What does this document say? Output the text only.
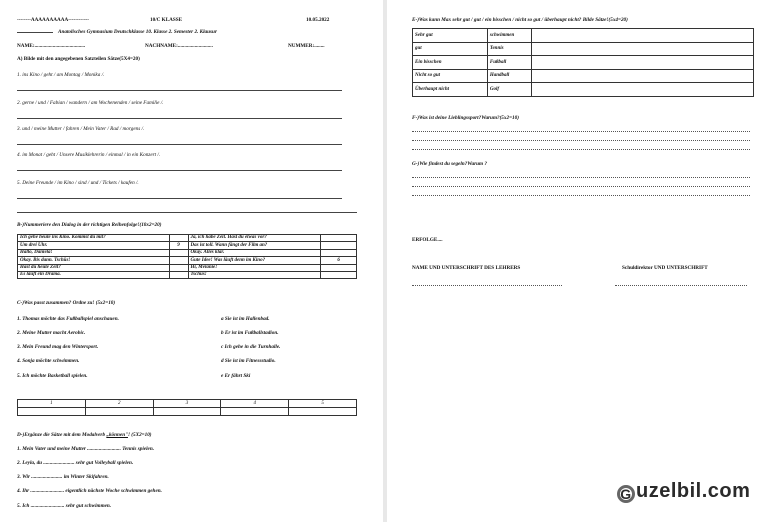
--------AAAAAAAAAA------------	10/C KLASSE	10.05.2022
Anatolisches Gymnasium Deutschklasse 10. Klasse 2. Semester 2. Klausur
NAME:.......................................	NACHNAME:...........................	NUMMER:........
A) Bilde mit den angegebenen Satzteilen Sätze(5X4=20)
1. ins Kino / geht / am Montag / Monika /.
2. gerne / und / Fabian / wandern / am Wochenenden / seine Familie /.
3. und / meine Mutter / fahren / Mein Vater / Rad / morgens /.
4. im Monat / geht / Unsere Musiklehrerin / einmal / in ein Konzert /.
5. Deine Freunde / im Kino / sind / und / Tickets / kaufen /.
B-)Nummeriere den Dialog in der richtigen Reihenfolge!(10x2=20)
Ich gehe heute ins Kino. Kommst du mit?		Ja, ich habe Zeit. Hast du etwas vor?	
Um drei Uhr.	9	Das ist toll. Wann fängt der Film an?	
Hallo, Daniela!		Okay. Alles klar.	
Okay. Bis dann. Tschüs!		Gute Idee! Was läuft denn im Kino?	6
Hast du heute Zeit?		Hi, Melanie!	
Es läuft ein Drama.		Tschüs!	
C-)Was passt zusammen? Ordne zu! (5x2=10)
1. Thomas möchte das Fußballspiel anschauen.
2. Meine Mutter macht Aerobic.
3. Mein Freund mag den Wintersport.
4. Sonja möchte schwimmen.
5. Ich möchte Basketball spielen.
a Sie ist im Hallenbad.
b Er ist im Fußballstadion.
c Ich gehe in die Turnhalle.
d Sie ist im Fitnessstudio.
e Er fährt Ski
1	2	3	4	5

D-)Ergänze die Sätze mit dem Modalverb „können"! (5X2=10)
1. Mein Vater und meine Mutter .......................... Tennis spielen.
2. Leyla, du ........................ sehr gut Volleyball spielen.
3. Wir ........................ im Winter Skifahren.
4. Ihr .......................... eigentlich nächste Woche schwimmen gehen.
5. Ich .......................... sehr gut schwimmen.
E-)Was kann Max sehr gut / gut / ein bisschen / nicht so gut / überhaupt nicht? Bilde Sätze!(5x4=20)
Sehr gut	schwimmen	
gut	Tennis	
Ein bisschen	Fußball	
Nicht so gut	Handball	
Überhaupt nicht	Golf	
F-)Was ist deine Lieblingssport?Warum?(5x2=10)
G-)Wie findest du segeln?Warum ?
ERFOLGE....
NAME UND UNTERSCHRIFT DES LEHRERS	Schuldirektor UND UNTERSCHRIFT
G uzelbil.com
